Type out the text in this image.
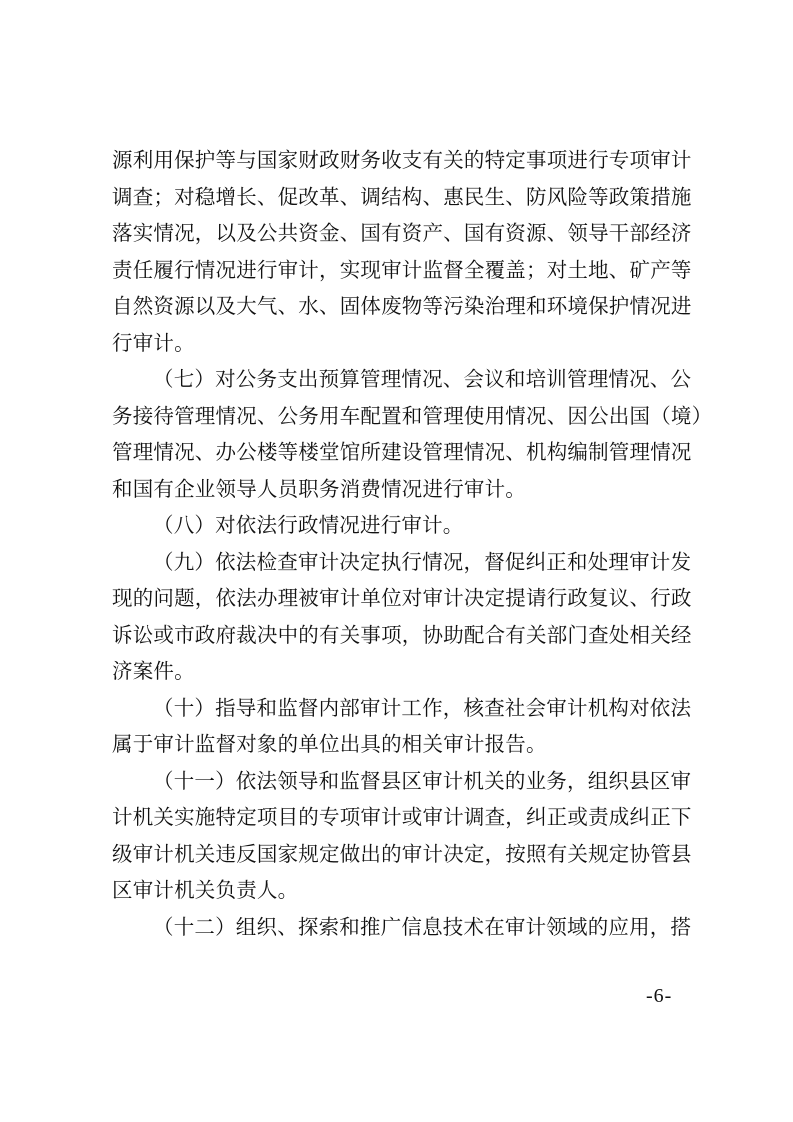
源利用保护等与国家财政财务收支有关的特定事项进行专项审计
调查；对稳增长、促改革、调结构、惠民生、防风险等政策措施
落实情况，以及公共资金、国有资产、国有资源、领导干部经济
责任履行情况进行审计，实现审计监督全覆盖；对土地、矿产等
自然资源以及大气、水、固体废物等污染治理和环境保护情况进
行审计。
（七）对公务支出预算管理情况、会议和培训管理情况、公
务接待管理情况、公务用车配置和管理使用情况、因公出国（境）
管理情况、办公楼等楼堂馆所建设管理情况、机构编制管理情况
和国有企业领导人员职务消费情况进行审计。
（八）对依法行政情况进行审计。
（九）依法检查审计决定执行情况，督促纠正和处理审计发
现的问题，依法办理被审计单位对审计决定提请行政复议、行政
诉讼或市政府裁决中的有关事项，协助配合有关部门查处相关经
济案件。
（十）指导和监督内部审计工作，核查社会审计机构对依法
属于审计监督对象的单位出具的相关审计报告。
（十一）依法领导和监督县区审计机关的业务，组织县区审
计机关实施特定项目的专项审计或审计调查，纠正或责成纠正下
级审计机关违反国家规定做出的审计决定，按照有关规定协管县
区审计机关负责人。
（十二）组织、探索和推广信息技术在审计领域的应用，搭
-6-
